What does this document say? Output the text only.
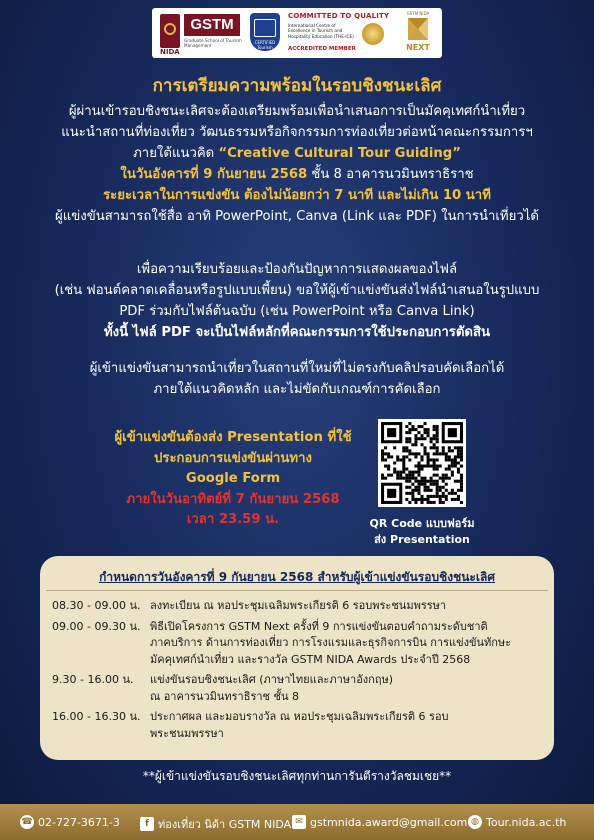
GSTM
NIDA
Graduate School of Tourism Management
CERTIFIED Tourism Program
COMMITTED TO QUALITY
International Centre of Excellence in Tourism and Hospitality Education (THE-ICE)
ACCREDITED MEMBER
GSTM NIDA
NEXT
การเตรียมความพร้อมในรอบชิงชนะเลิศ
ผู้ผ่านเข้ารอบชิงชนะเลิศจะต้องเตรียมพร้อมเพื่อนำเสนอการเป็นมัคคุเทศก์นำเที่ยว
แนะนำสถานที่ท่องเที่ยว วัฒนธรรมหรือกิจกรรมการท่องเที่ยวต่อหน้าคณะกรรมการฯ
ภายใต้แนวคิด “Creative Cultural Tour Guiding”
ในวันอังคารที่ 9 กันยายน 2568 ชั้น 8 อาคารนวมินทราธิราช
ระยะเวลาในการแข่งขัน ต้องไม่น้อยกว่า 7 นาที และไม่เกิน 10 นาที
ผู้แข่งขันสามารถใช้สื่อ อาทิ PowerPoint, Canva (Link และ PDF) ในการนำเที่ยวได้
เพื่อความเรียบร้อยและป้องกันปัญหาการแสดงผลของไฟล์
(เช่น ฟอนต์คลาดเคลื่อนหรือรูปแบบเพี้ยน) ขอให้ผู้เข้าแข่งขันส่งไฟล์นำเสนอในรูปแบบ
PDF ร่วมกับไฟล์ต้นฉบับ (เช่น PowerPoint หรือ Canva Link)
ทั้งนี้ ไฟล์ PDF จะเป็นไฟล์หลักที่คณะกรรมการใช้ประกอบการตัดสิน
ผู้เข้าแข่งขันสามารถนำเที่ยวในสถานที่ใหม่ที่ไม่ตรงกับคลิปรอบคัดเลือกได้
ภายใต้แนวคิดหลัก และไม่ขัดกับเกณฑ์การคัดเลือก
ผู้เข้าแข่งขันต้องส่ง Presentation ที่ใช้
ประกอบการแข่งขันผ่านทาง
Google Form
ภายในวันอาทิตย์ที่ 7 กันยายน 2568
เวลา 23.59 น.	QR Code แบบฟอร์ม
ส่ง Presentation
กำหนดการวันอังคารที่ 9 กันยายน 2568 สำหรับผู้เข้าแข่งขันรอบชิงชนะเลิศ
08.30 - 09.00 น. ลงทะเบียน ณ หอประชุมเฉลิมพระเกียรติ 6 รอบพระชนมพรรษา
09.00 - 09.30 น. พิธีเปิดโครงการ GSTM Next ครั้งที่ 9 การแข่งขันตอบคำถามระดับชาติ
ภาคบริการ ด้านการท่องเที่ยว การโรงแรมและธุรกิจการบิน การแข่งขันทักษะ
มัคคุเทศก์นำเที่ยว และรางวัล GSTM NIDA Awards ประจำปี 2568
9.30 - 16.00 น.	แข่งขันรอบชิงชนะเลิศ (ภาษาไทยและภาษาอังกฤษ)
ณ อาคารนวมินทราธิราช ชั้น 8
16.00 - 16.30 น. ประกาศผล และมอบรางวัล ณ หอประชุมเฉลิมพระเกียรติ 6 รอบ
พระชนมพรรษา

**ผู้เข้าแข่งขันรอบชิงชนะเลิศทุกท่านการันตีรางวัลชมเชย**

☎ 02-727-3671-3	f ท่องเที่ยว นิด้า GSTM NIDA ✉ gstmnida.award@gmail.com ◍ Tour.nida.ac.th
